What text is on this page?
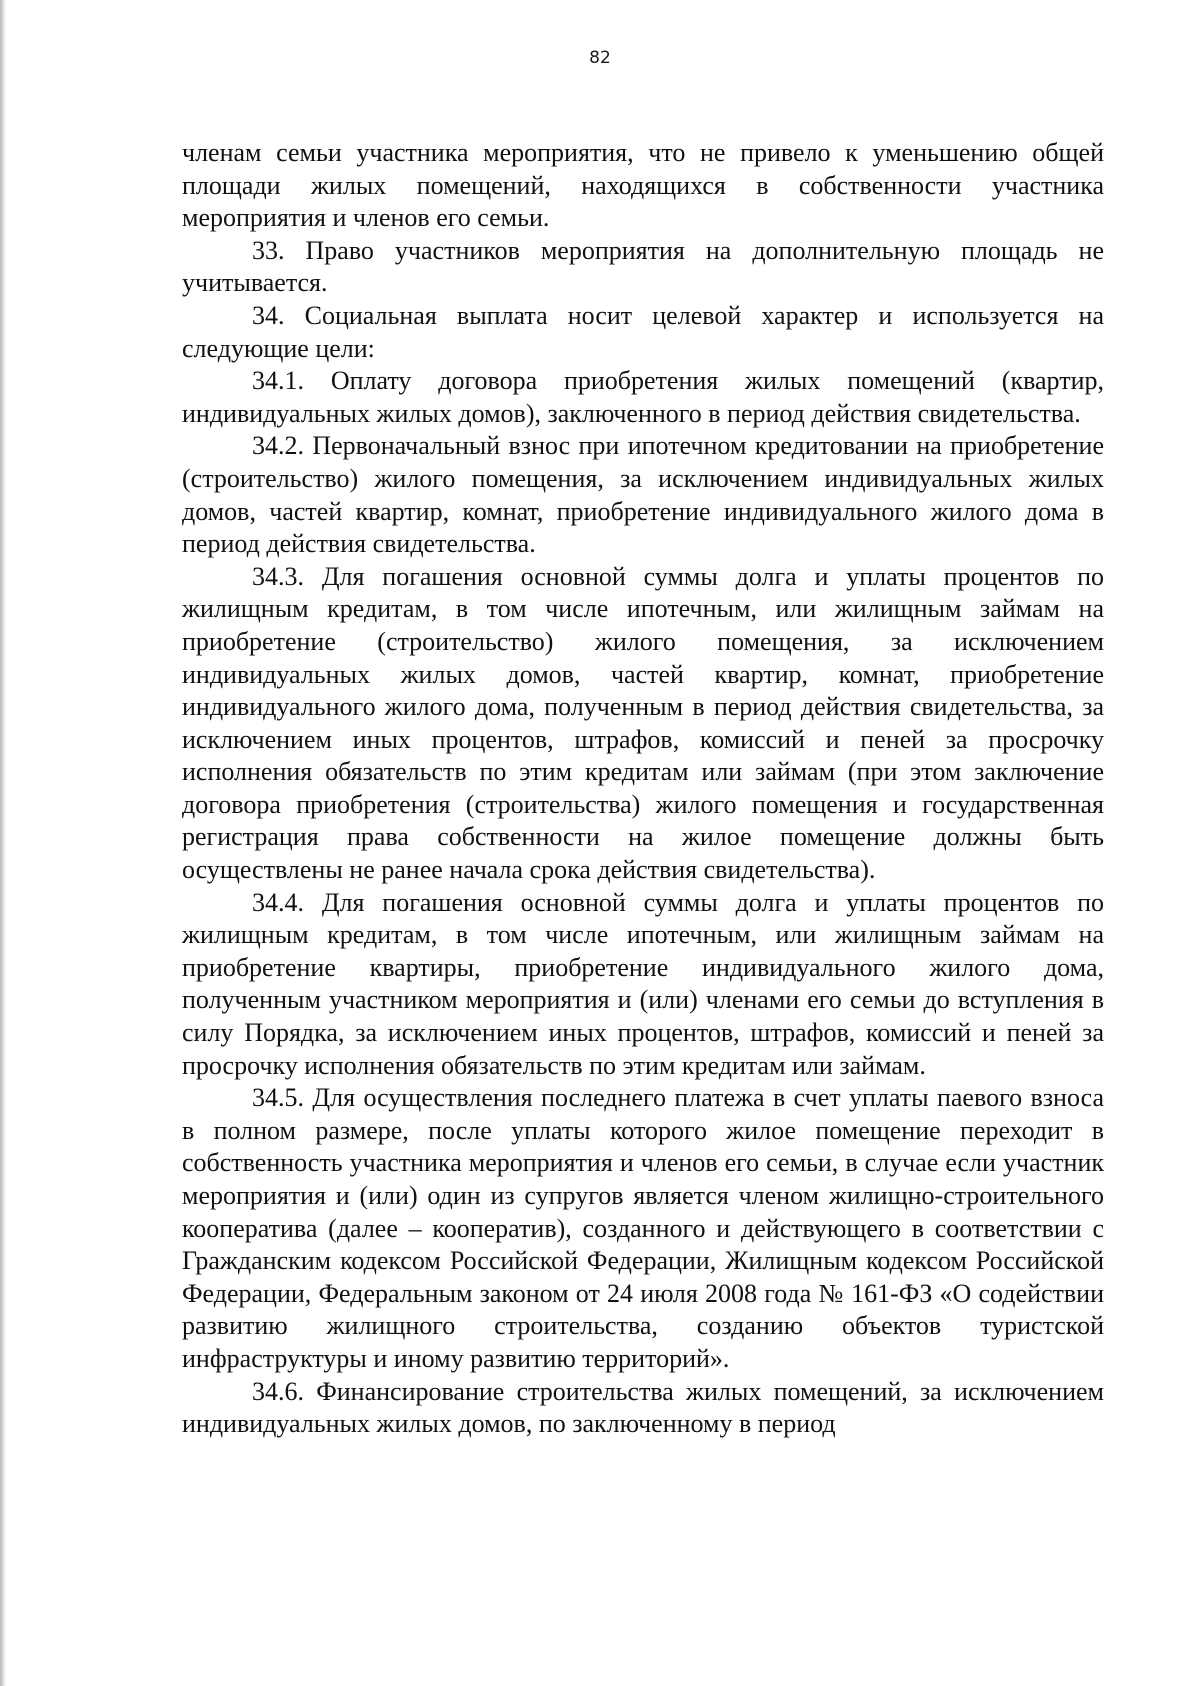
82

членам семьи участника мероприятия, что не привело к уменьшению общей площади жилых помещений, находящихся в собственности участника мероприятия и членов его семьи.

33. Право участников мероприятия на дополнительную площадь не учитывается.

34. Социальная выплата носит целевой характер и используется на следующие цели:

34.1. Оплату договора приобретения жилых помещений (квартир, индивидуальных жилых домов), заключенного в период действия свидетельства.

34.2. Первоначальный взнос при ипотечном кредитовании на приобретение (строительство) жилого помещения, за исключением индивидуальных жилых домов, частей квартир, комнат, приобретение индивидуального жилого дома в период действия свидетельства.

34.3. Для погашения основной суммы долга и уплаты процентов по жилищным кредитам, в том числе ипотечным, или жилищным займам на приобретение (строительство) жилого помещения, за исключением индивидуальных жилых домов, частей квартир, комнат, приобретение индивидуального жилого дома, полученным в период действия свидетельства, за исключением иных процентов, штрафов, комиссий и пеней за просрочку исполнения обязательств по этим кредитам или займам (при этом заключение договора приобретения (строительства) жилого помещения и государственная регистрация права собственности на жилое помещение должны быть осуществлены не ранее начала срока действия свидетельства).

34.4. Для погашения основной суммы долга и уплаты процентов по жилищным кредитам, в том числе ипотечным, или жилищным займам на приобретение квартиры, приобретение индивидуального жилого дома, полученным участником мероприятия и (или) членами его семьи до вступления в силу Порядка, за исключением иных процентов, штрафов, комиссий и пеней за просрочку исполнения обязательств по этим кредитам или займам.

34.5. Для осуществления последнего платежа в счет уплаты паевого взноса в полном размере, после уплаты которого жилое помещение переходит в собственность участника мероприятия и членов его семьи, в случае если участник мероприятия и (или) один из супругов является членом жилищно-строительного кооператива (далее – кооператив), созданного и действующего в соответствии с Гражданским кодексом Российской Федерации, Жилищным кодексом Российской Федерации, Федеральным законом от 24 июля 2008 года № 161-ФЗ «О содействии развитию жилищного строительства, созданию объектов туристской инфраструктуры и иному развитию территорий».

34.6. Финансирование строительства жилых помещений, за исключением индивидуальных жилых домов, по заключенному в период
